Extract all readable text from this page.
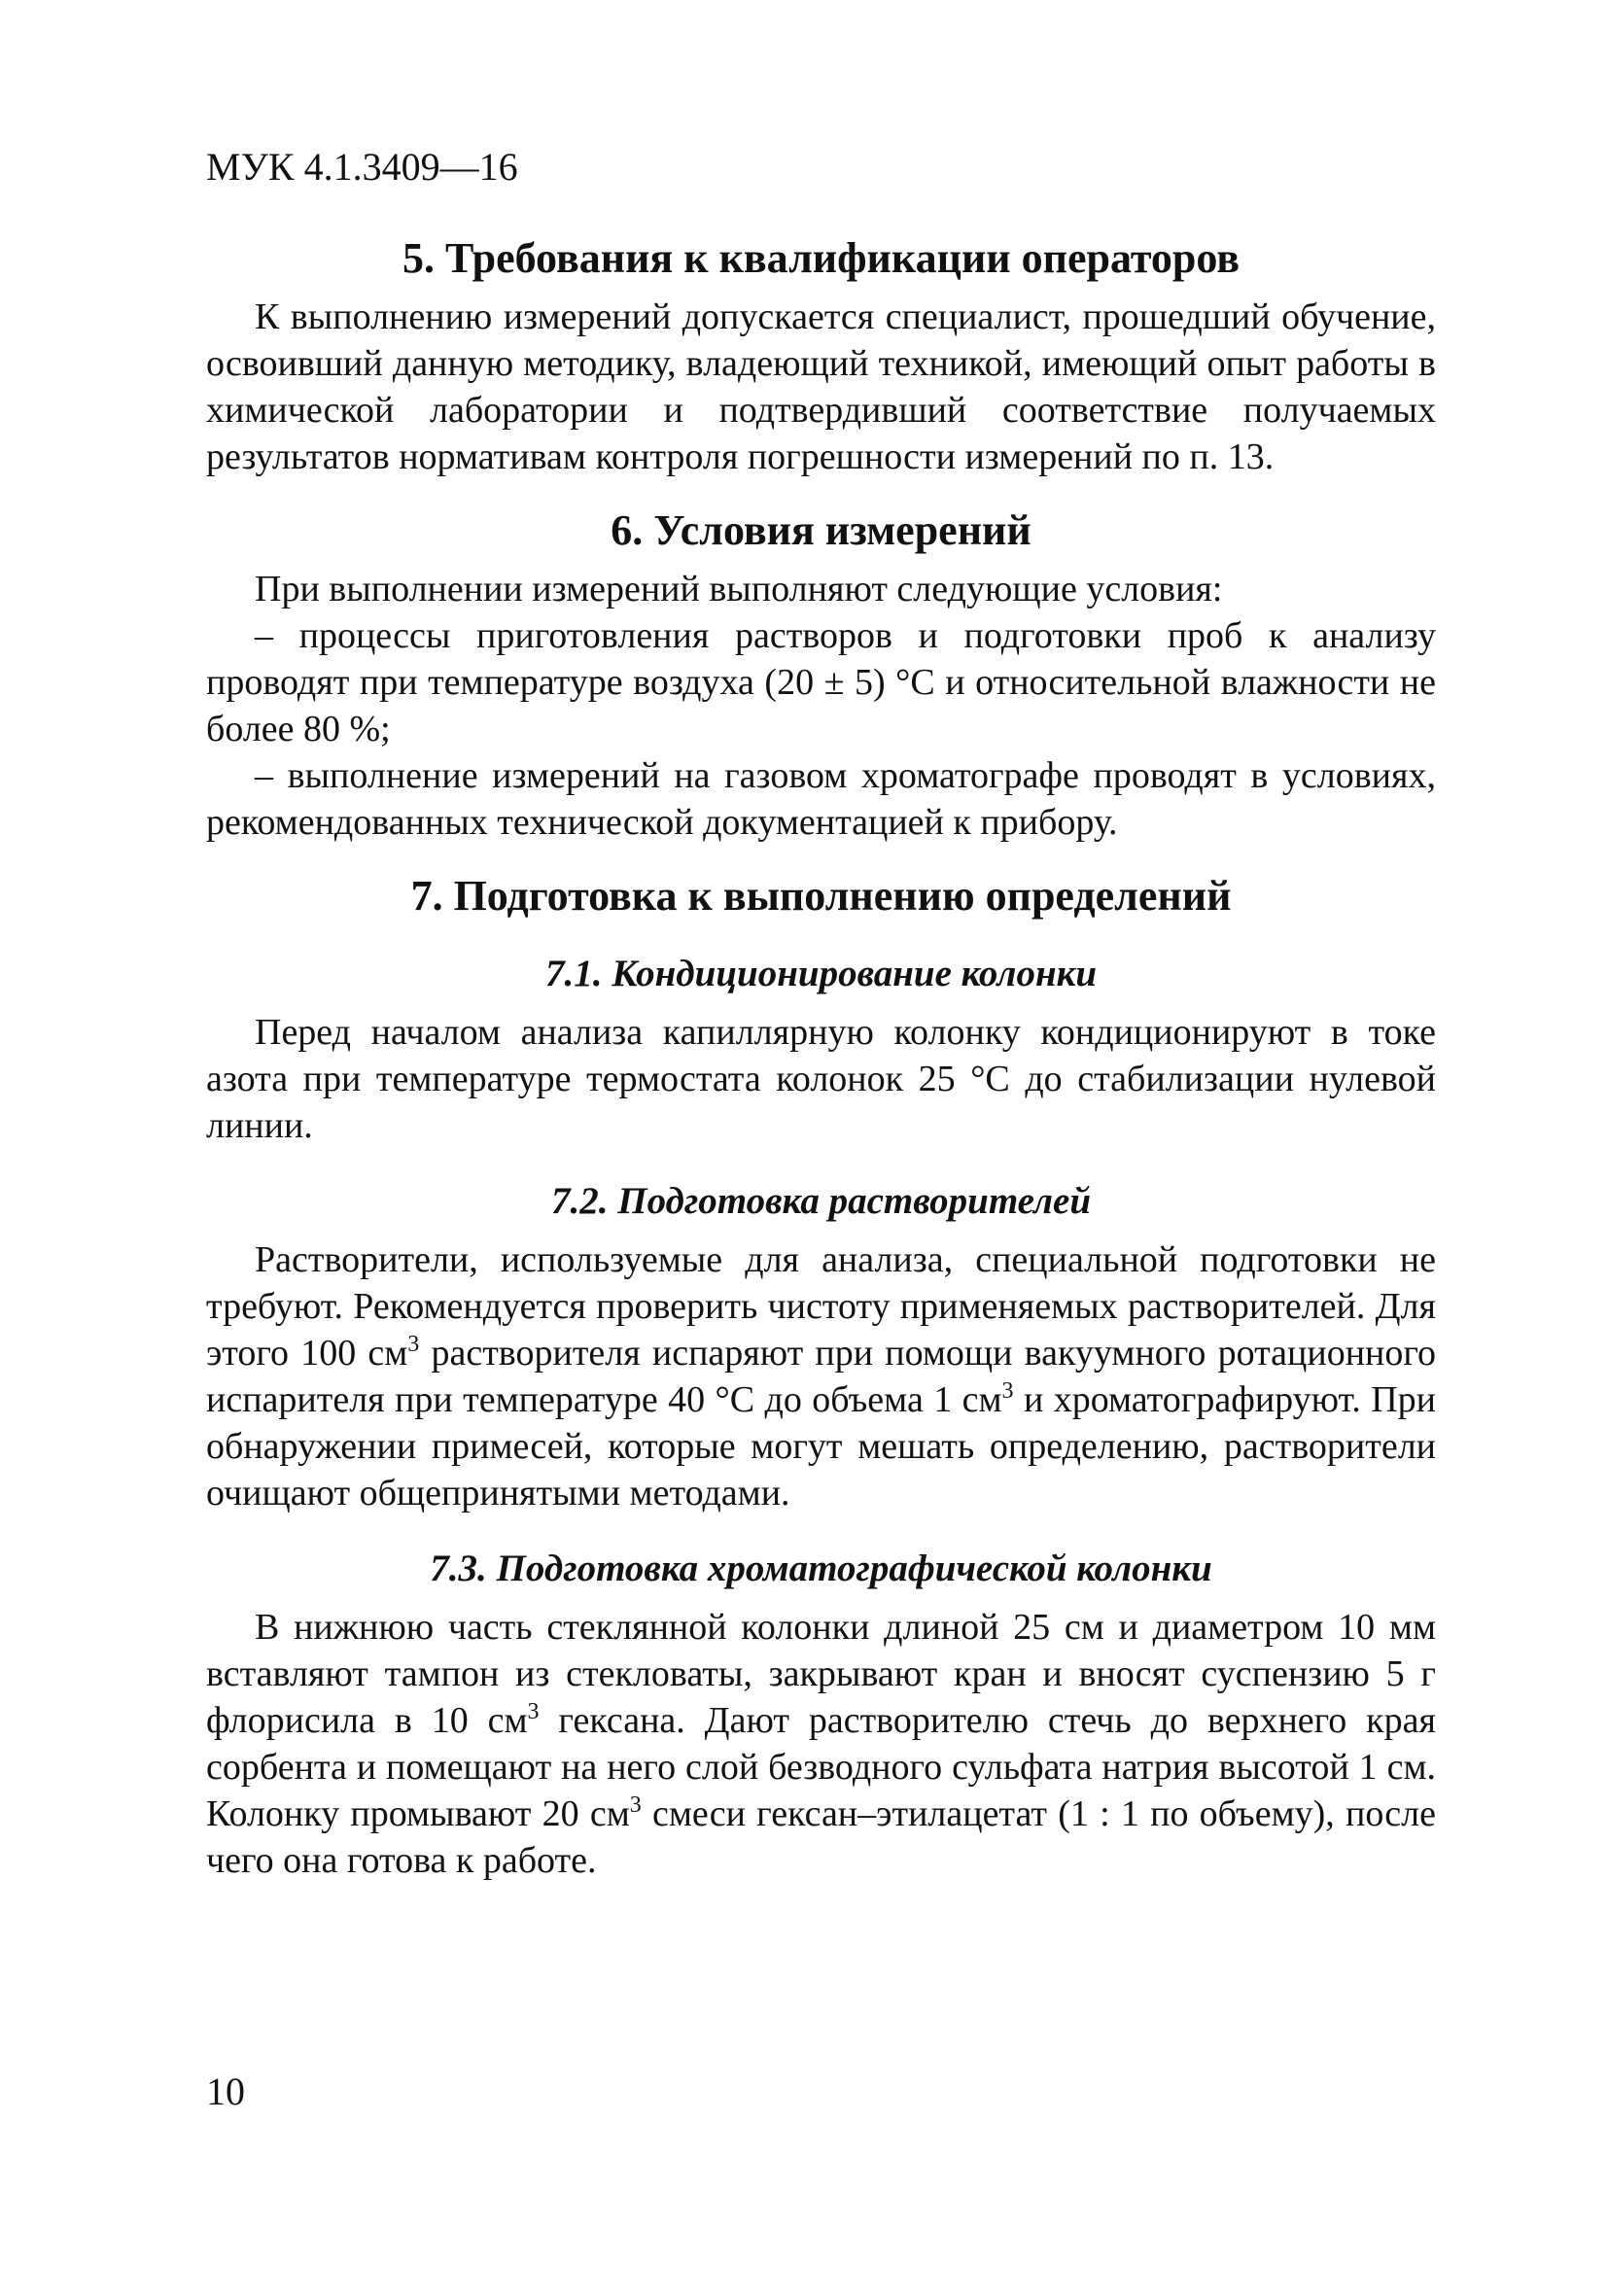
МУК 4.1.3409—16
5. Требования к квалификации операторов

К выполнению измерений допускается специалист, прошедший обучение, освоивший данную методику, владеющий техникой, имеющий опыт работы в химической лаборатории и подтвердивший соответствие получаемых результатов нормативам контроля погрешности измерений по п. 13.

6. Условия измерений

При выполнении измерений выполняют следующие условия:

– процессы приготовления растворов и подготовки проб к анализу проводят при температуре воздуха (20 ± 5) °С и относительной влажности не более 80 %;

– выполнение измерений на газовом хроматографе проводят в условиях, рекомендованных технической документацией к прибору.

7. Подготовка к выполнению определений
7.1. Кондиционирование колонки

Перед началом анализа капиллярную колонку кондиционируют в токе азота при температуре термостата колонок 25 °С до стабилизации нулевой линии.

7.2. Подготовка растворителей

Растворители, используемые для анализа, специальной подготовки не требуют. Рекомендуется проверить чистоту применяемых растворителей. Для этого 100 $см^3$ растворителя испаряют при помощи вакуумного ротационного испарителя при температуре 40 °С до объема 1 $см^3$ и хроматографируют. При обнаружении примесей, которые могут мешать определению, растворители очищают общепринятыми методами.

7.3. Подготовка хроматографической колонки

В нижнюю часть стеклянной колонки длиной 25 см и диаметром 10 мм вставляют тампон из стекловаты, закрывают кран и вносят суспензию 5 г флорисила в 10 $см^3$ гексана. Дают растворителю стечь до верхнего края сорбента и помещают на него слой безводного сульфата натрия высотой 1 см. Колонку промывают 20 $см^3$ смеси гексан–этилацетат (1 : 1 по объему), после чего она готова к работе.

10
